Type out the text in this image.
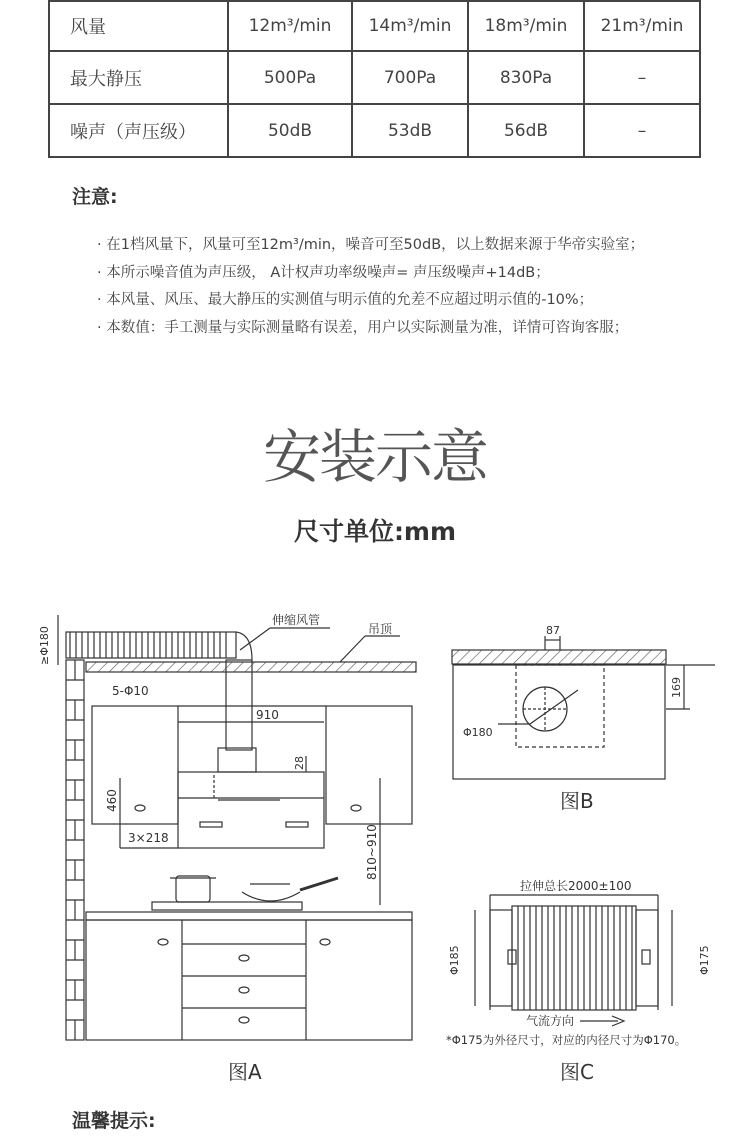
风量	12m³/min	14m³/min	18m³/min	21m³/min
最大静压	500Pa	700Pa	830Pa	–
噪声（声压级）	50dB	53dB	56dB	–
注意:
· 在1档风量下，风量可至12m³/min，噪音可至50dB，以上数据来源于华帝实验室；
· 本所示噪音值为声压级， A计权声功率级噪声= 声压级噪声+14dB；
· 本风量、风压、最大静压的实测值与明示值的允差不应超过明示值的-10%；
· 本数值：手工测量与实际测量略有误差，用户以实际测量为准，详情可咨询客服；
安装示意
尺寸单位:mm
≥Φ180
伸缩风管
吊顶
5-Φ10
910
28
460
3×218	810~910
图A
87
169
Φ180
图B
拉伸总长2000±100
Φ185	Φ175
气流方向
*Φ175为外径尺寸，对应的内径尺寸为Φ170。
图C
温馨提示:
